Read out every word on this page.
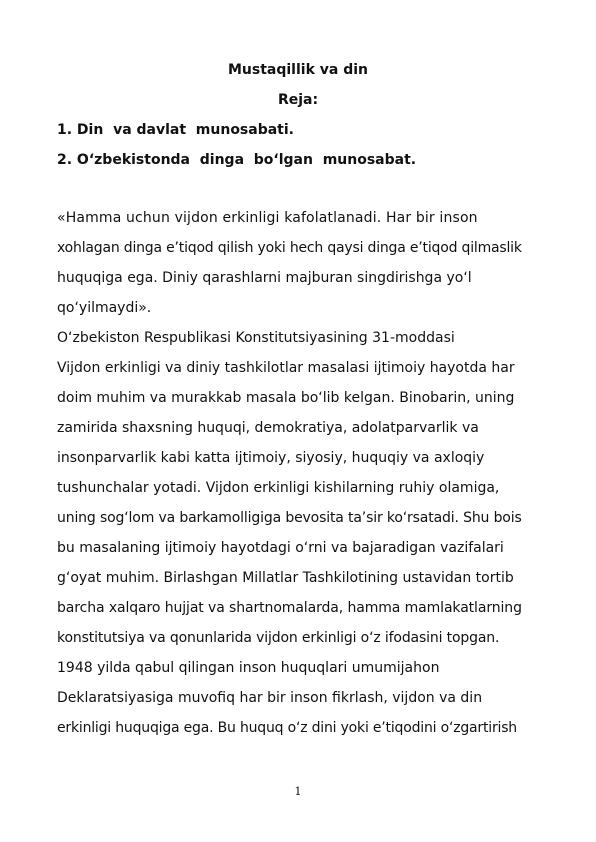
Mustaqillik va din
Reja:
1. Din  va davlat  munosabati.
2. O‘zbekistonda  dinga  bo‘lgan  munosabat.
«Hamma uchun vijdon erkinligi kafolatlanadi. Har bir inson
xohlagan dinga e’tiqod qilish yoki hech qaysi dinga e’tiqod qilmaslik
huquqiga ega. Diniy qarashlarni majburan singdirishga yo‘l
qo‘yilmaydi».
O‘zbekiston Respublikasi Konstitutsiyasining 31-moddasi
Vijdon erkinligi va diniy tashkilotlar masalasi ijtimoiy hayotda har
doim muhim va murakkab masala bo‘lib kelgan. Binobarin, uning
zamirida shaxsning huquqi, demokratiya, adolatparvarlik va
insonparvarlik kabi katta ijtimoiy, siyosiy, huquqiy va axloqiy
tushunchalar yotadi. Vijdon erkinligi kishilarning ruhiy olamiga,
uning sog‘lom va barkamolligiga bevosita ta’sir ko‘rsatadi. Shu bois
bu masalaning ijtimoiy hayotdagi o‘rni va bajaradigan vazifalari
g‘oyat muhim. Birlashgan Millatlar Tashkilotining ustavidan tortib
barcha xalqaro hujjat va shartnomalarda, hamma mamlakatlarning
konstitutsiya va qonunlarida vijdon erkinligi o‘z ifodasini topgan.
1948 yilda qabul qilingan inson huquqlari umumijahon
Deklaratsiyasiga muvofiq har bir inson fikrlash, vijdon va din
erkinligi huquqiga ega. Bu huquq o‘z dini yoki e’tiqodini o‘zgartirish
1
